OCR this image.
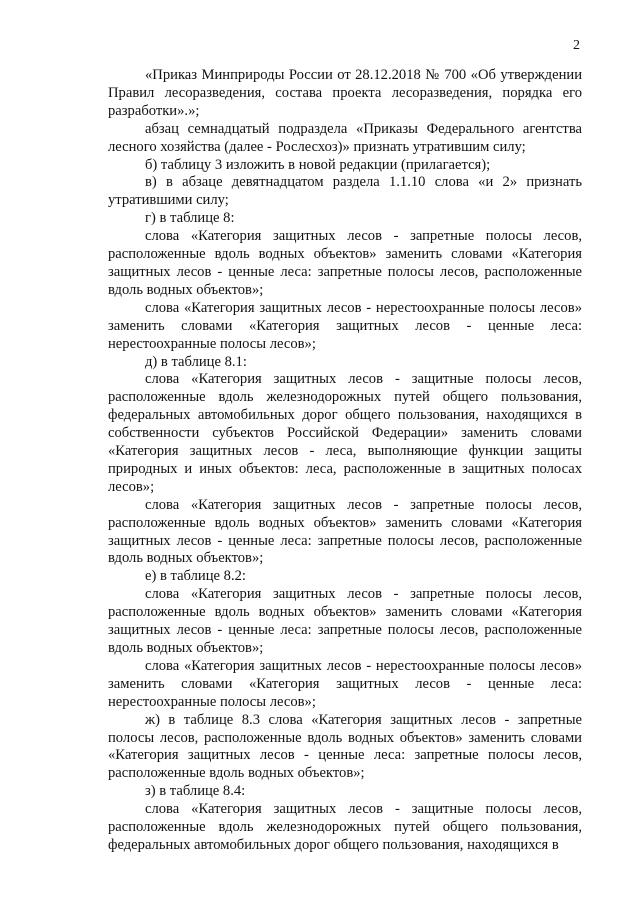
2

«Приказ Минприроды России от 28.12.2018 № 700 «Об утверждении Правил лесоразведения, состава проекта лесоразведения, порядка его разработки».»;

абзац семнадцатый подраздела «Приказы Федерального агентства лесного хозяйства (далее - Рослесхоз)» признать утратившим силу;

б) таблицу 3 изложить в новой редакции (прилагается);

в) в абзаце девятнадцатом раздела 1.1.10 слова «и 2» признать утратившими силу;

г) в таблице 8:

слова «Категория защитных лесов - запретные полосы лесов, расположенные вдоль водных объектов» заменить словами «Категория защитных лесов - ценные леса: запретные полосы лесов, расположенные вдоль водных объектов»;

слова «Категория защитных лесов - нерестоохранные полосы лесов» заменить словами «Категория защитных лесов - ценные леса: нерестоохранные полосы лесов»;

д) в таблице 8.1:

слова «Категория защитных лесов - защитные полосы лесов, расположенные вдоль железнодорожных путей общего пользования, федеральных автомобильных дорог общего пользования, находящихся в собственности субъектов Российской Федерации» заменить словами «Категория защитных лесов - леса, выполняющие функции защиты природных и иных объектов: леса, расположенные в защитных полосах лесов»;

слова «Категория защитных лесов - запретные полосы лесов, расположенные вдоль водных объектов» заменить словами «Категория защитных лесов - ценные леса: запретные полосы лесов, расположенные вдоль водных объектов»;

е) в таблице 8.2:

слова «Категория защитных лесов - запретные полосы лесов, расположенные вдоль водных объектов» заменить словами «Категория защитных лесов - ценные леса: запретные полосы лесов, расположенные вдоль водных объектов»;

слова «Категория защитных лесов - нерестоохранные полосы лесов» заменить словами «Категория защитных лесов - ценные леса: нерестоохранные полосы лесов»;

ж) в таблице 8.3 слова «Категория защитных лесов - запретные полосы лесов, расположенные вдоль водных объектов» заменить словами «Категория защитных лесов - ценные леса: запретные полосы лесов, расположенные вдоль водных объектов»;

з) в таблице 8.4:

слова «Категория защитных лесов - защитные полосы лесов, расположенные вдоль железнодорожных путей общего пользования, федеральных автомобильных дорог общего пользования, находящихся в
